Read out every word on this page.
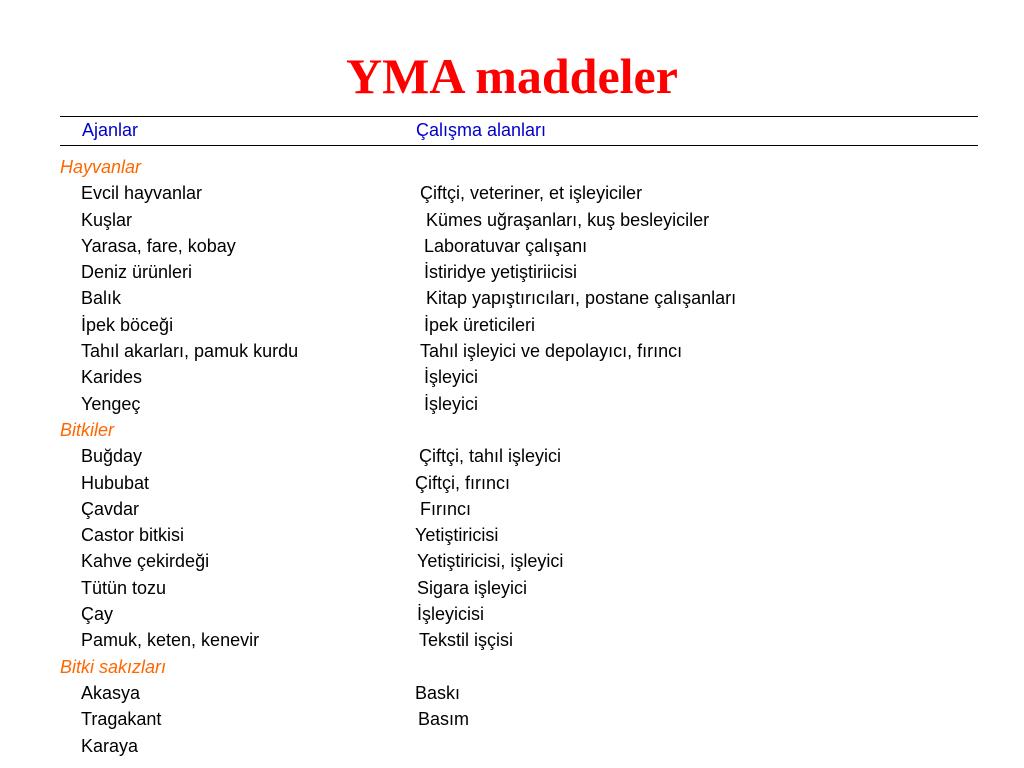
YMA maddeler
Ajanlar	Çalışma alanları
Hayvanlar
Evcil hayvanlar	Çiftçi, veteriner, et işleyiciler
Kuşlar	Kümes uğraşanları, kuş besleyiciler
Yarasa, fare, kobay	Laboratuvar çalışanı
Deniz ürünleri	İstiridye yetiştiriicisi
Balık	Kitap yapıştırıcıları, postane çalışanları
İpek böceği	İpek üreticileri
Tahıl akarları, pamuk kurdu	Tahıl işleyici ve depolayıcı, fırıncı
Karides	İşleyici
Yengeç	İşleyici
Bitkiler
Buğday	Çiftçi, tahıl işleyici
Hububat	Çiftçi, fırıncı
Çavdar	Fırıncı
Castor bitkisi	Yetiştiricisi
Kahve çekirdeği	Yetiştiricisi, işleyici
Tütün tozu	Sigara işleyici
Çay	İşleyicisi
Pamuk, keten, kenevir	Tekstil işçisi
Bitki sakızları
Akasya	Baskı
Tragakant	Basım
Karaya
